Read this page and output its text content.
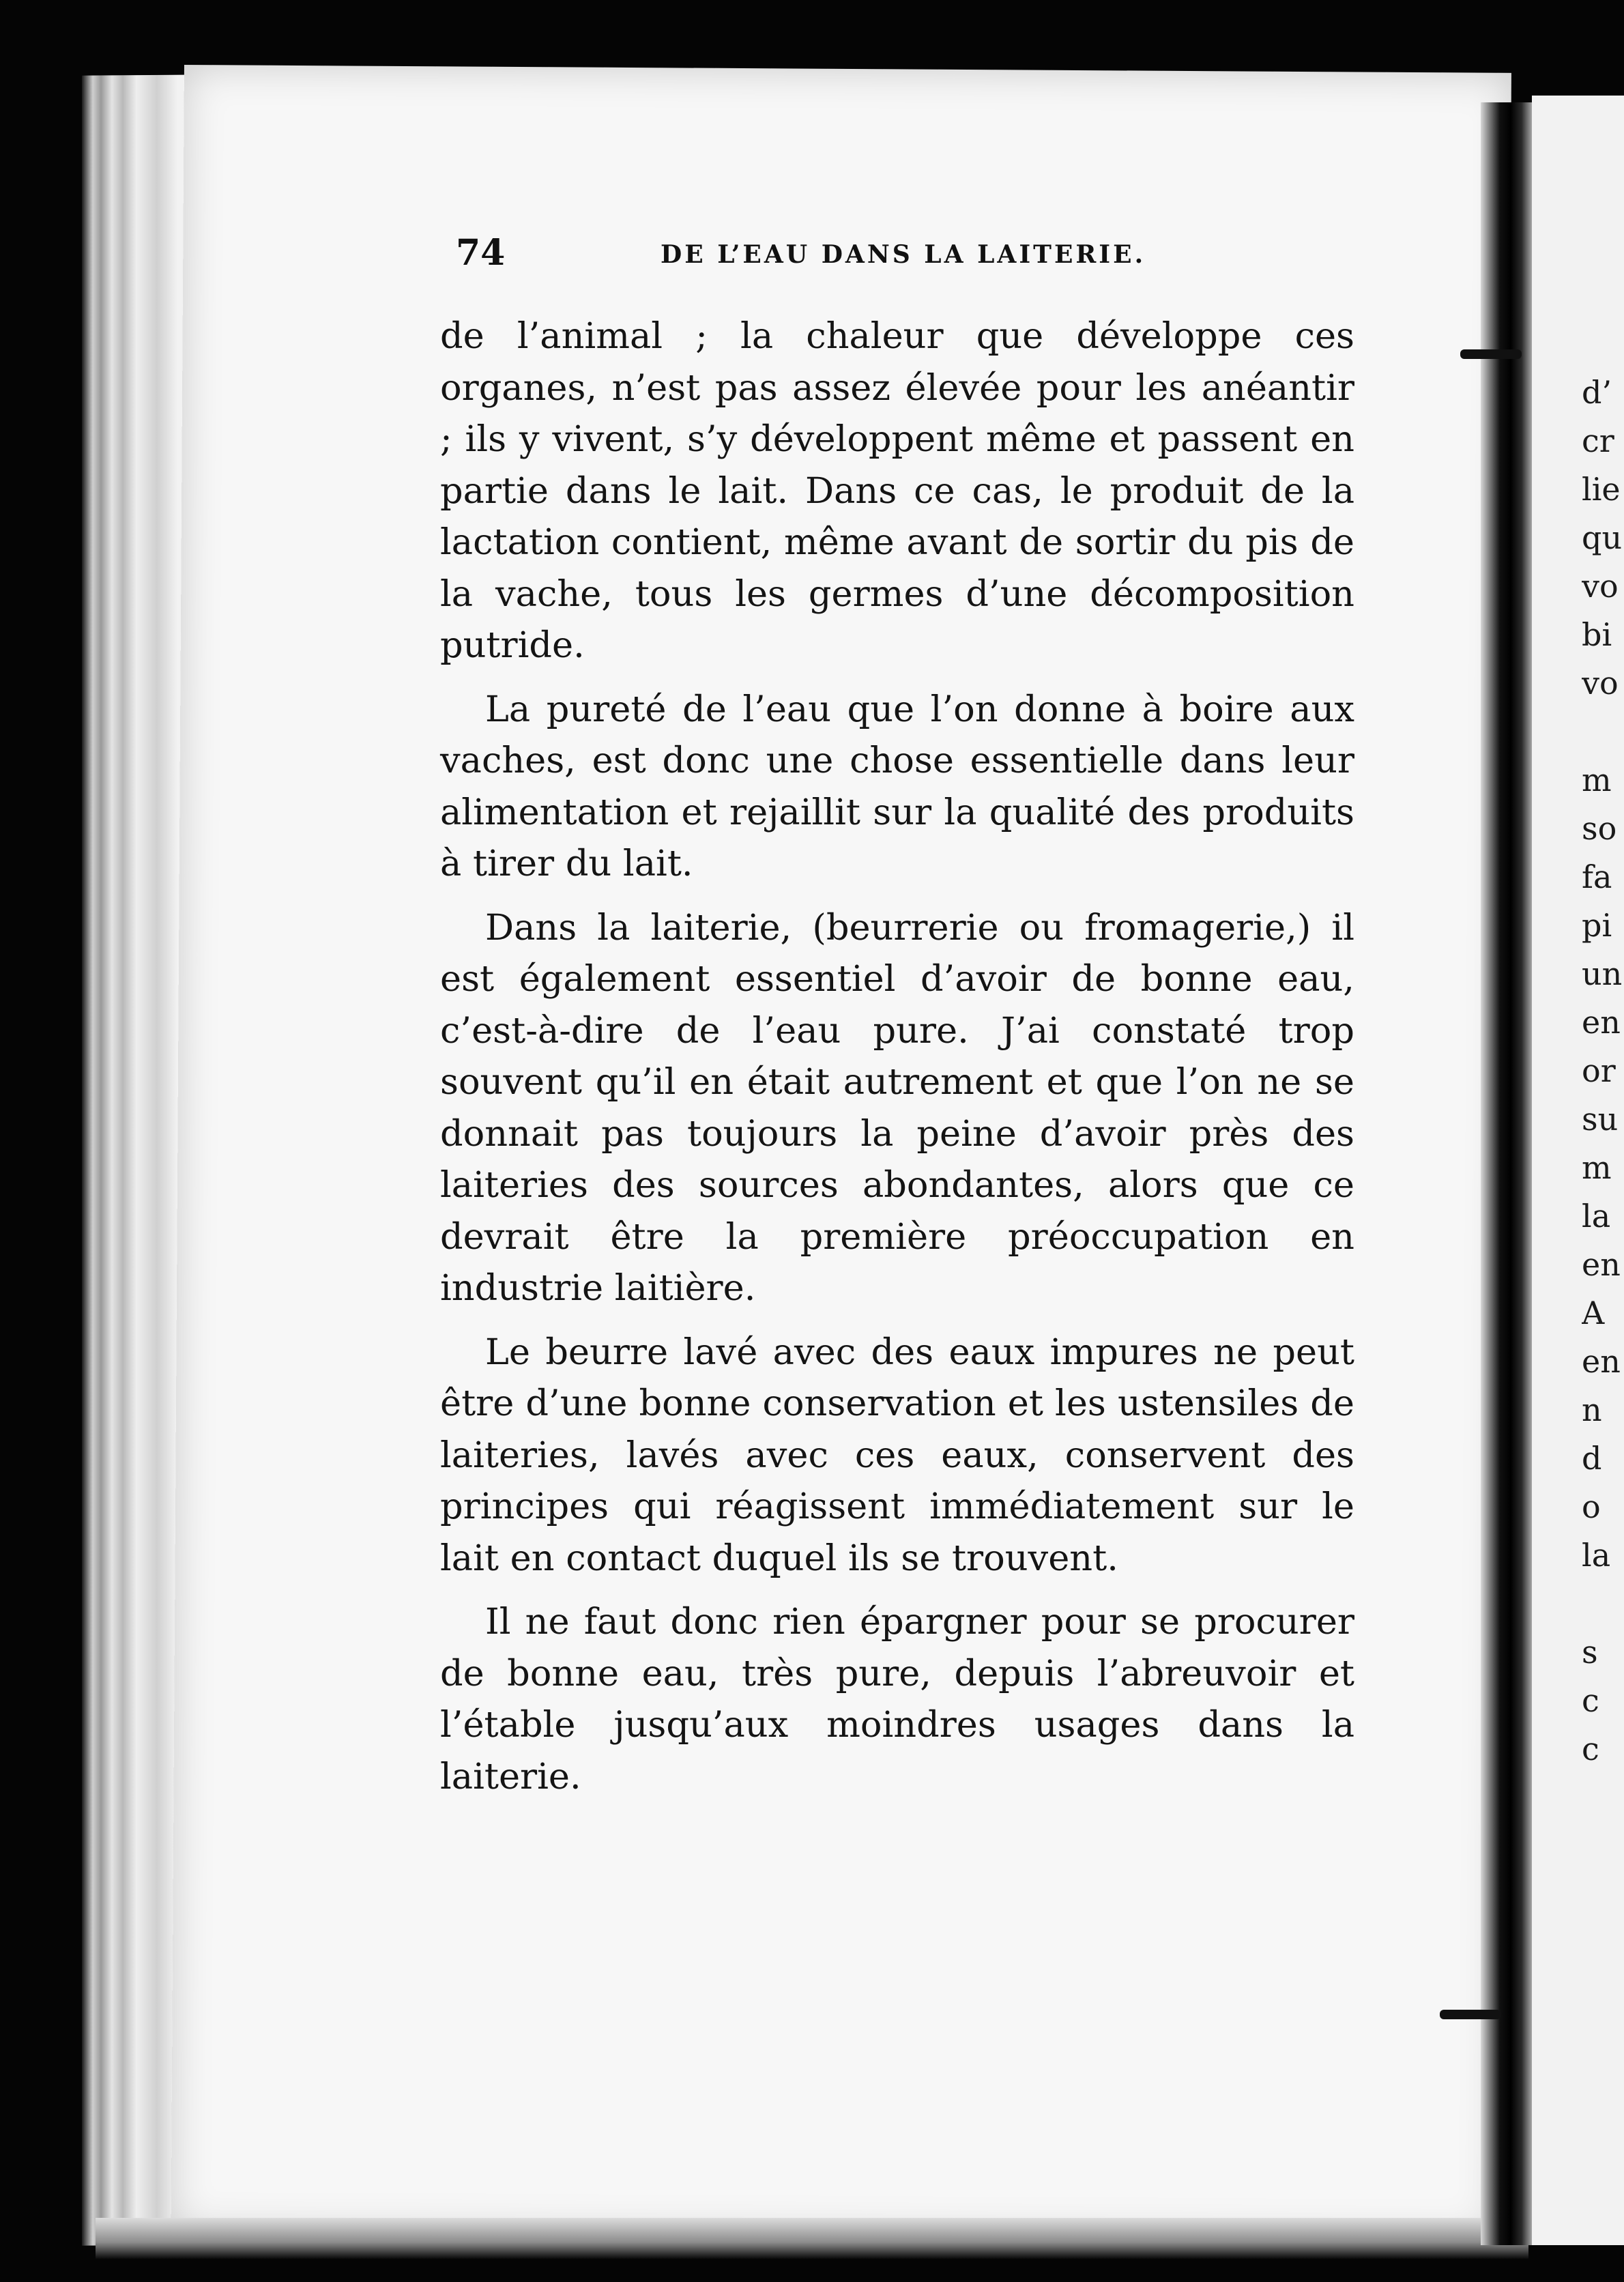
d’
cr
lie
qu
vo
bi
vo

m
so
fa
pi
un
en
or
su
m
la
en
A
en
n
d
o
la

s
c
c
74	DE L’EAU DANS LA LAITERIE.

de l’animal ; la chaleur que développe ces organes, n’est pas assez élevée pour les anéantir ; ils y vivent, s’y développent même et passent en partie dans le lait. Dans ce cas, le produit de la lactation contient, même avant de sortir du pis de la vache, tous les germes d’une décomposition putride.

La pureté de l’eau que l’on donne à boire aux vaches, est donc une chose essentielle dans leur alimentation et rejaillit sur la qualité des produits à tirer du lait.

Dans la laiterie, (beurrerie ou fromagerie,) il est également essentiel d’avoir de bonne eau, c’est-à-dire de l’eau pure. J’ai constaté trop souvent qu’il en était autrement et que l’on ne se donnait pas toujours la peine d’avoir près des laiteries des sources abondantes, alors que ce devrait être la première préoccupation en industrie laitière.

Le beurre lavé avec des eaux impures ne peut être d’une bonne conservation et les ustensiles de laiteries, lavés avec ces eaux, conservent des principes qui réagissent immédiatement sur le lait en contact duquel ils se trouvent.

Il ne faut donc rien épargner pour se procurer de bonne eau, très pure, depuis l’abreuvoir et l’étable jusqu’aux moindres usages dans la laiterie.
